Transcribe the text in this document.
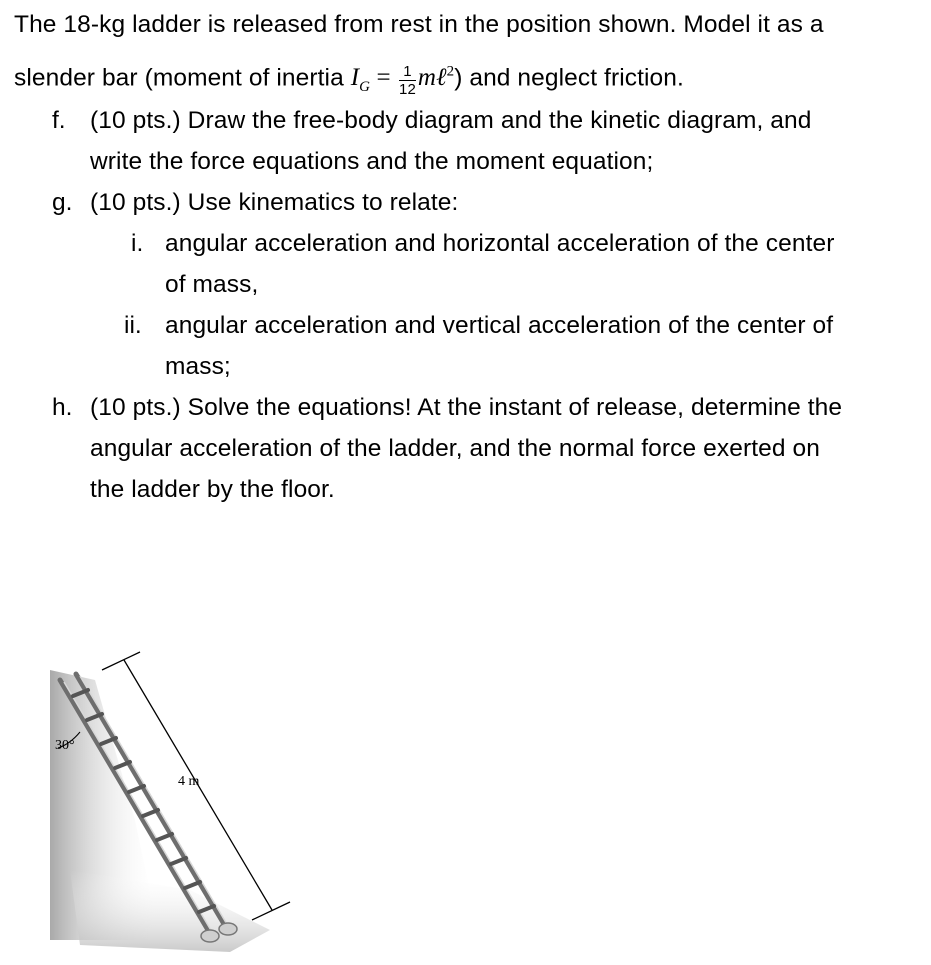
The 18-kg ladder is released from rest in the position shown. Model it as a
slender bar (moment of inertia $I_G = \frac{1}{12}$ mℓ$^2$) and neglect friction.
f. (10 pts.) Draw the free-body diagram and the kinetic diagram, and
write the force equations and the moment equation;
g. (10 pts.) Use kinematics to relate:
i. angular acceleration and horizontal acceleration of the center
of mass,
ii. angular acceleration and vertical acceleration of the center of
mass;
h. (10 pts.) Solve the equations! At the instant of release, determine the
angular acceleration of the ladder, and the normal force exerted on
the ladder by the floor.
30°
4 m
